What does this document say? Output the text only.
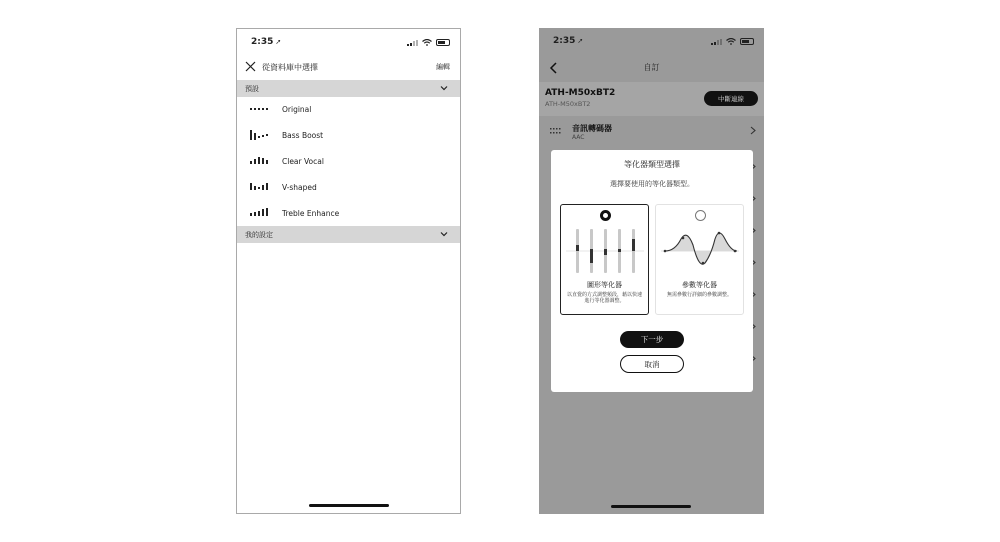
2:35 ➚
從資料庫中選擇	編輯
預設
Original
Bass Boost
Clear Vocal
V-shaped
Treble Enhance
我的設定
2:35 ➚
自訂
ATH-M50xBT2
ATH-M50xBT2
中斷連線
音訊轉碼器
AAC
等化器類型選擇
選擇要使用的等化器類型。
圖形等化器
以直覺的方式調整頻段，藉以快速進行等化器調整。
參數等化器
無需參數行詳細的參數調整。
下一步
取消
